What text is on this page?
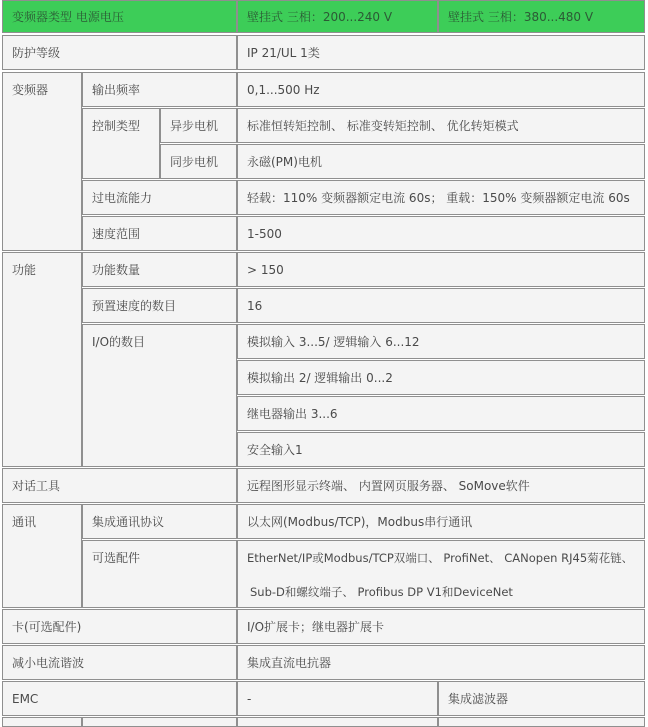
变频器类型 电源电压	壁挂式 三相：200...240 V	壁挂式 三相：380...480 V
防护等级	IP 21/UL 1类
变频器	输出频率	0,1...500 Hz
控制类型	异步电机	标准恒转矩控制、 标准变转矩控制、 优化转矩模式
同步电机	永磁(PM)电机
过电流能力	轻载：110% 变频器额定电流 60s； 重载：150% 变频器额定电流 60s
速度范围	1-500
功能	功能数量	> 150
预置速度的数目	16
I/O的数目	模拟输入 3...5/ 逻辑输入 6...12
模拟输出 2/ 逻辑输出 0...2
继电器输出 3...6
安全输入1
对话工具	远程图形显示终端、 内置网页服务器、 SoMove软件
通讯	集成通讯协议	以太网(Modbus/TCP)，Modbus串行通讯
可选配件	EtherNet/IP或Modbus/TCP双端口、 ProfiNet、 CANopen RJ45菊花链、
Sub-D和螺纹端子、 Profibus DP V1和DeviceNet
卡(可选配件)	I/O扩展卡；继电器扩展卡
减小电流谐波	集成直流电抗器
EMC	-	集成滤波器
